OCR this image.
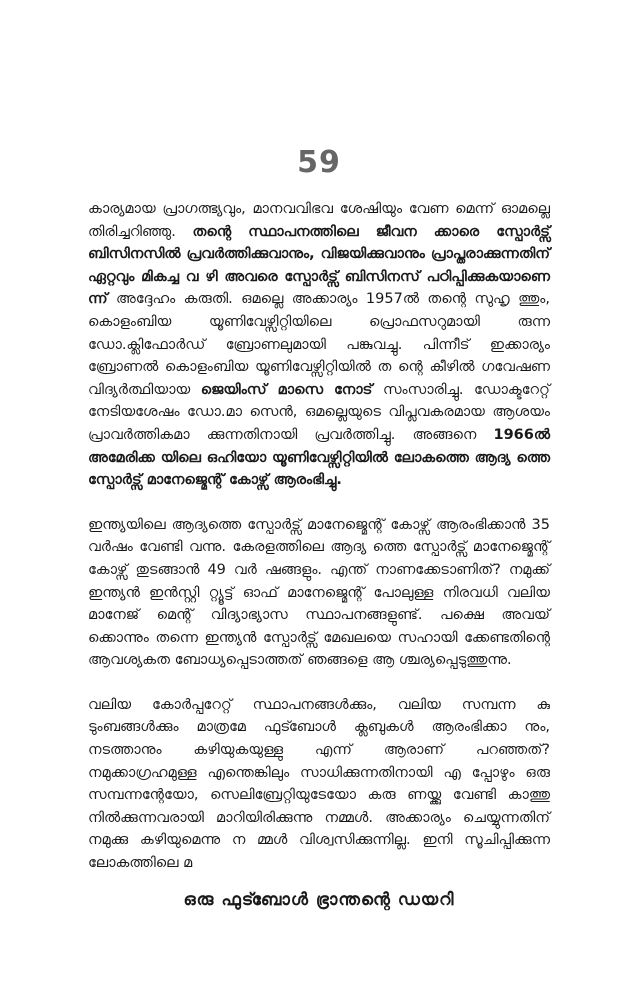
59

കാര്യമായ പ്രാഗത്ഭ്യവും, മാനവവിഭവ ശേഷിയും വേണ മെന്ന് ഓമല്ലെ തിരിച്ചറിഞ്ഞു. തന്റെ സ്ഥാപനത്തിലെ ജീവന ക്കാരെ സ്പോർട്സ് ബിസിനസിൽ പ്രവർത്തിക്കുവാനും, വിജയിക്കുവാനും പ്രാപ്തരാക്കുന്നതിന് ഏറ്റവും മികച്ച വ ഴി അവരെ സ്പോർട്സ് ബിസിനസ് പഠിപ്പിക്കുകയാണെ ന്ന് അദ്ദേഹം കരുതി. ഒമല്ലെ അക്കാര്യം 1957ൽ തന്റെ സുഹൃ ത്തും, കൊളംബിയ യൂണിവേഴ്സിറ്റിയിലെ പ്രൊഫസറുമായി രുന്ന ഡോ.ക്ലിഫോർഡ് ബ്രോണലുമായി പങ്കുവച്ചു. പിന്നീട് ഇക്കാര്യം ബ്രോണൽ കൊളംബിയ യൂണിവേഴ്സിറ്റിയിൽ ത ന്റെ കീഴിൽ ഗവേഷണ വിദ്യർത്ഥിയായ ജെയിംസ് മാസെ നോട് സംസാരിച്ചു. ഡോക്ടറേറ്റ് നേടിയശേഷം ഡോ.മാ സെൻ, ഒമല്ലെയുടെ വിപ്ലവകരമായ ആശയം പ്രാവർത്തികമാ ക്കുന്നതിനായി പ്രവർത്തിച്ചു. അങ്ങനെ 1966ൽ അമേരിക്ക യിലെ ഒഹിയോ യൂണിവേഴ്സിറ്റിയിൽ ലോകത്തെ ആദ്യ ത്തെ സ്പോർട്സ് മാനേജ്മെന്റ് കോഴ്സ് ആരംഭിച്ചു.

ഇന്ത്യയിലെ ആദ്യത്തെ സ്പോർട്സ് മാനേജ്മെന്റ് കോഴ്സ് ആരംഭിക്കാൻ 35 വർഷം വേണ്ടി വന്നു. കേരളത്തിലെ ആദ്യ ത്തെ സ്പോർട്സ് മാനേജ്മെന്റ് കോഴ്സ് തുടങ്ങാൻ 49 വർ ഷങ്ങളും. എന്ത് നാണക്കേടാണിത്? നമുക്ക് ഇന്ത്യൻ ഇൻസ്റ്റി റ്റ്യൂട്ട് ഓഫ് മാനേജ്മെന്റ് പോലുള്ള നിരവധി വലിയ മാനേജ് മെന്റ് വിദ്യാഭ്യാസ സ്ഥാപനങ്ങളുണ്ട്. പക്ഷെ അവയ് ക്കൊന്നും തന്നെ ഇന്ത്യൻ സ്പോർട്സ് മേഖലയെ സഹായി ക്കേണ്ടതിന്റെ ആവശ്യകത ബോധ്യപ്പെടാത്തത് ഞങ്ങളെ ആ ശ്ചര്യപ്പെടുത്തുന്നു.

വലിയ കോർപ്പറേറ്റ് സ്ഥാപനങ്ങൾക്കും, വലിയ സമ്പന്ന കു ടുംബങ്ങൾക്കും മാത്രമേ ഫുട്ബോൾ ക്ലബുകൾ ആരംഭിക്കാ നും, നടത്താനും കഴിയുകയുള്ളു എന്ന് ആരാണ് പറഞ്ഞത്? നമുക്കാഗ്രഹമുള്ള എന്തെങ്കിലും സാധിക്കുന്നതിനായി എ പ്പോഴും ഒരു സമ്പന്നന്റേയോ, സെലിബ്രേറ്റിയുടേയോ കരു ണയ്ക്കു വേണ്ടി കാത്തു നിൽക്കുന്നവരായി മാറിയിരിക്കുന്നു നമ്മൾ. അക്കാര്യം ചെയ്യുന്നതിന് നമുക്കു കഴിയുമെന്നു ന മ്മൾ വിശ്വസിക്കുന്നില്ല. ഇനി സൂചിപ്പിക്കുന്ന ലോകത്തിലെ മ

ഒരു ഫുട്ബോൾ ഭ്രാന്തന്റെ ഡയറി
